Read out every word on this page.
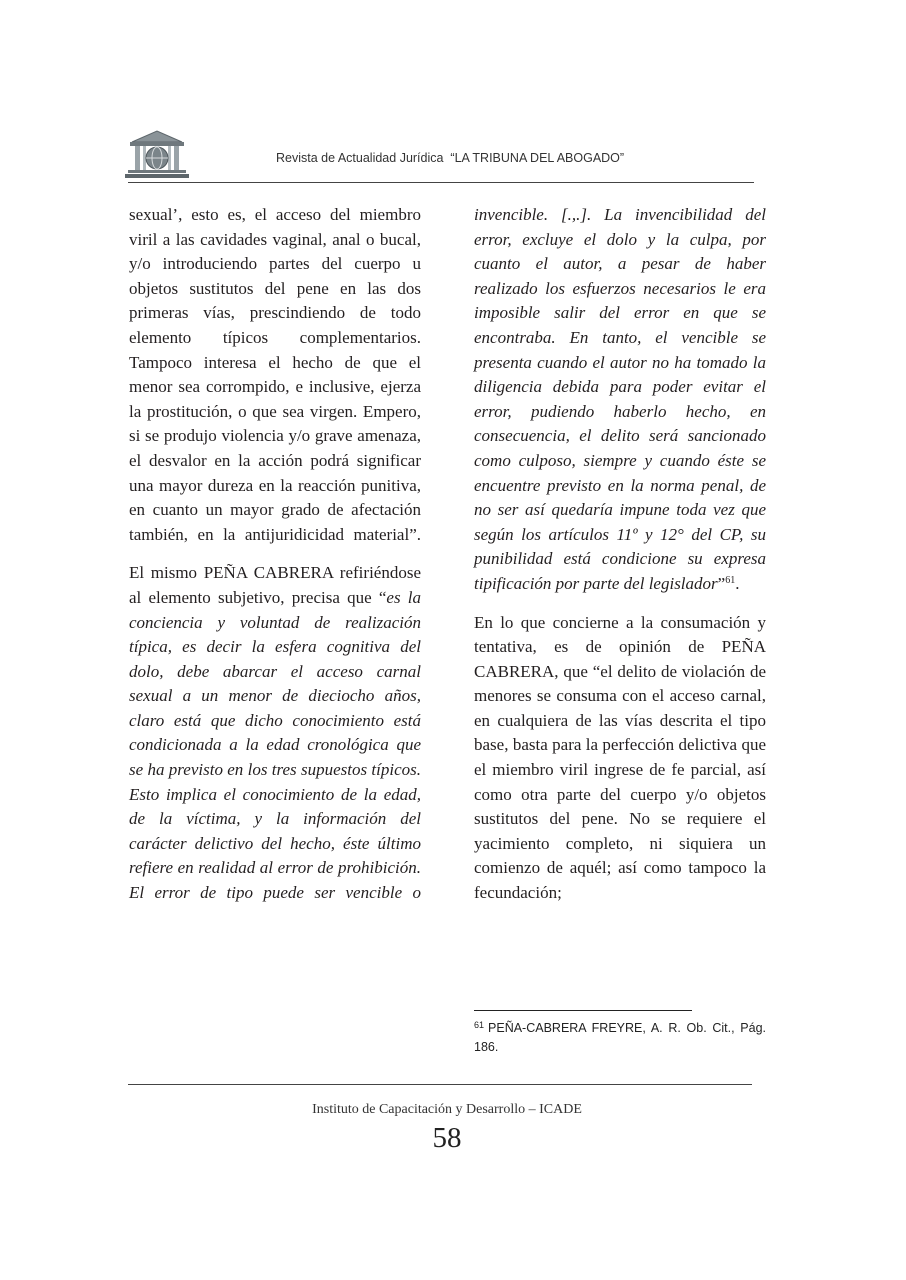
Revista de Actualidad Jurídica  “LA TRIBUNA DEL ABOGADO”

sexual’, esto es, el acceso del miembro viril a las cavidades vaginal, anal o bucal, y/o introduciendo partes del cuerpo u objetos sustitutos del pene en las dos primeras vías, prescindiendo de todo elemento típicos complementarios. Tampoco interesa el hecho de que el menor sea corrompido, e inclusive, ejerza la prostitución, o que sea virgen. Empero, si se produjo violencia y/o grave amenaza, el desvalor en la acción podrá significar una mayor dureza en la reacción punitiva, en cuanto un mayor grado de afectación también, en la antijuridicidad material”.

El mismo PEÑA CABRERA refiriéndose al elemento subjetivo, precisa que “es la conciencia y voluntad de realización típica, es decir la esfera cognitiva del dolo, debe abarcar el acceso carnal sexual a un menor de dieciocho años, claro está que dicho conocimiento está condicionada a la edad cronológica que se ha previsto en los tres supuestos típicos. Esto implica el conocimiento de la edad, de la víctima, y la información del carácter delictivo del hecho, éste último refiere en realidad al error de prohibición. El error de tipo puede ser vencible o

invencible. [.,.]. La invencibilidad del error, excluye el dolo y la culpa, por cuanto el autor, a pesar de haber realizado los esfuerzos necesarios le era imposible salir del error en que se encontraba. En tanto, el vencible se presenta cuando el autor no ha tomado la diligencia debida para poder evitar el error, pudiendo haberlo hecho, en consecuencia, el delito será sancionado como culposo, siempre y cuando éste se encuentre previsto en la norma penal, de no ser así quedaría impune toda vez que según los artículos 11º y 12° del CP, su punibilidad está condicione su expresa tipificación por parte del legislador”$^{61}$.

En lo que concierne a la consumación y tentativa, es de opinión de PEÑA CABRERA, que “el delito de violación de menores se consuma con el acceso carnal, en cualquiera de las vías descrita el tipo base, basta para la perfección delictiva que el miembro viril ingrese de fe parcial, así como otra parte del cuerpo y/o objetos sustitutos del pene. No se requiere el yacimiento completo, ni siquiera un comienzo de aquél; así como tampoco la fecundación;

$^{61}$ PEÑA-CABRERA FREYRE, A. R. Ob. Cit., Pág. 186.
Instituto de Capacitación y Desarrollo – ICADE
58
